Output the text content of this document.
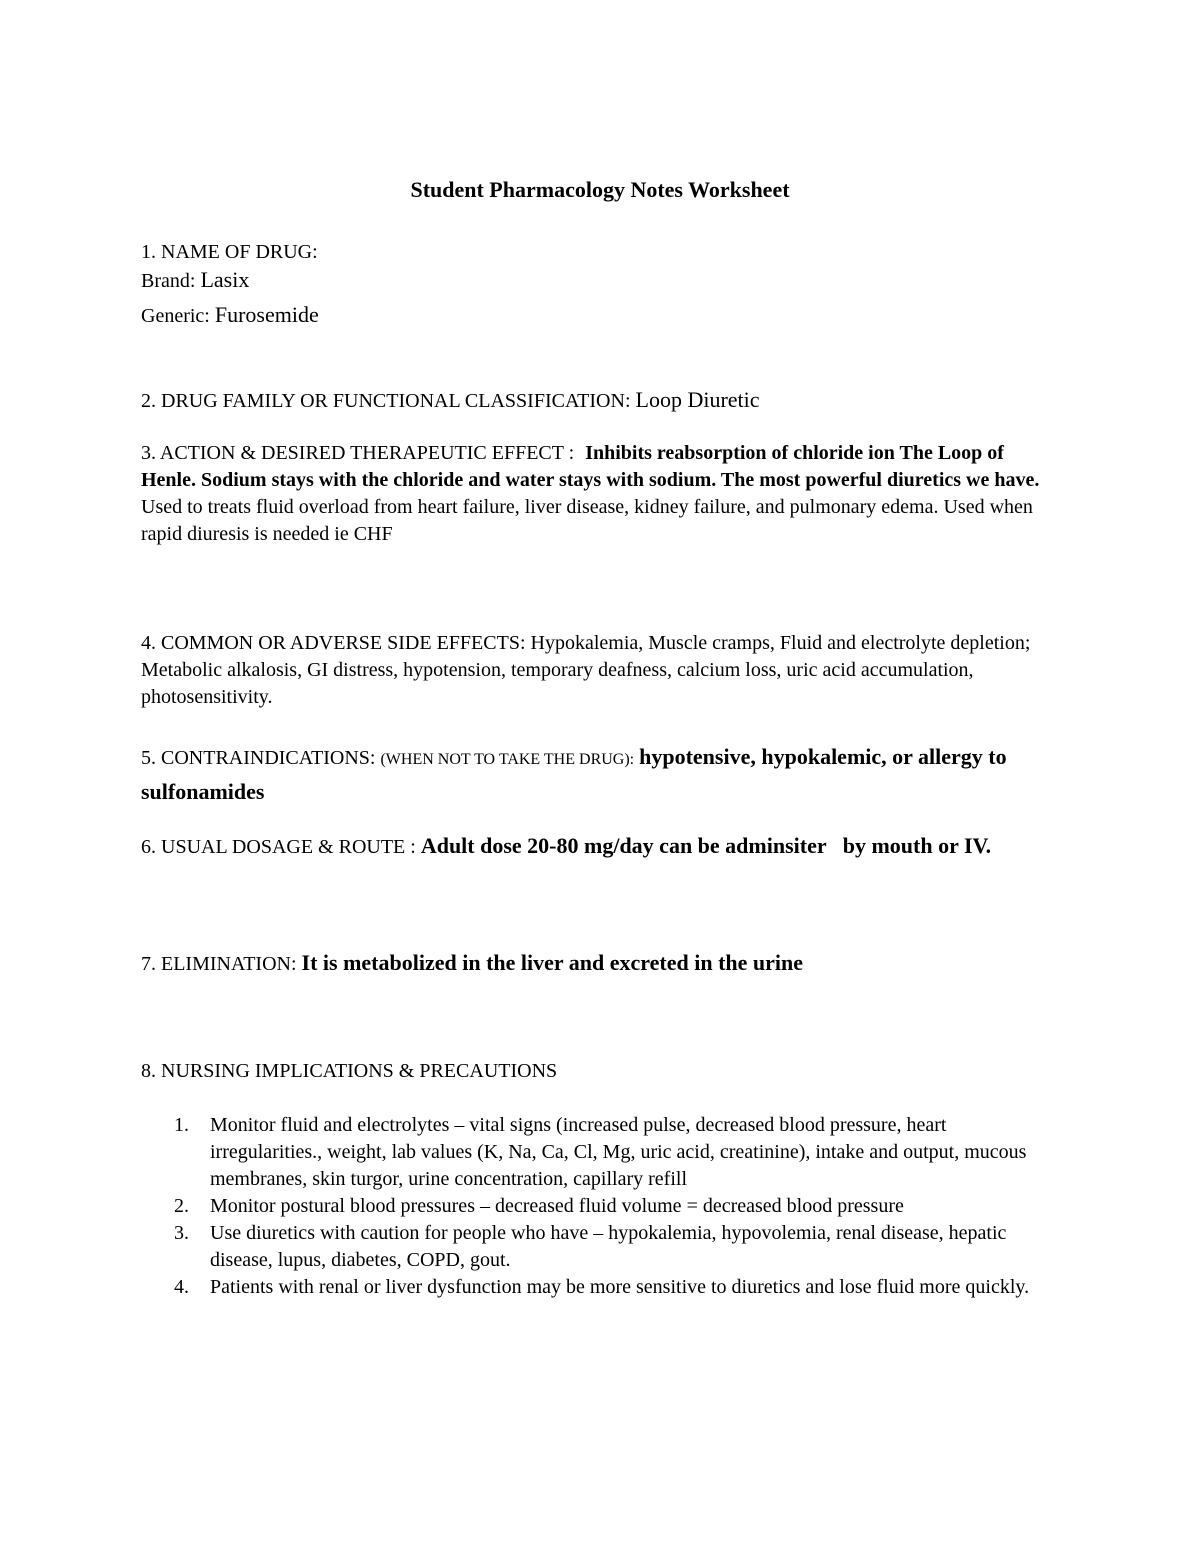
Student Pharmacology Notes Worksheet
1. NAME OF DRUG:
Brand: Lasix
Generic: Furosemide
2. DRUG FAMILY OR FUNCTIONAL CLASSIFICATION: Loop Diuretic
3. ACTION & DESIRED THERAPEUTIC EFFECT : Inhibits reabsorption of chloride ion The Loop of Henle. Sodium stays with the chloride and water stays with sodium. The most powerful diuretics we have.
Used to treats fluid overload from heart failure, liver disease, kidney failure, and pulmonary edema. Used when rapid diuresis is needed ie CHF
4. COMMON OR ADVERSE SIDE EFFECTS: Hypokalemia, Muscle cramps, Fluid and electrolyte depletion; Metabolic alkalosis, GI distress, hypotension, temporary deafness, calcium loss, uric acid accumulation, photosensitivity.
5. CONTRAINDICATIONS: (WHEN NOT TO TAKE THE DRUG): hypotensive, hypokalemic, or allergy to sulfonamides
6. USUAL DOSAGE & ROUTE : Adult dose 20-80 mg/day can be adminsiter   by mouth or IV.
7. ELIMINATION: It is metabolized in the liver and excreted in the urine
8. NURSING IMPLICATIONS & PRECAUTIONS
1. Monitor fluid and electrolytes – vital signs (increased pulse, decreased blood pressure, heart irregularities., weight, lab values (K, Na, Ca, Cl, Mg, uric acid, creatinine), intake and output, mucous membranes, skin turgor, urine concentration, capillary refill
2. Monitor postural blood pressures – decreased fluid volume = decreased blood pressure
3. Use diuretics with caution for people who have – hypokalemia, hypovolemia, renal disease, hepatic disease, lupus, diabetes, COPD, gout.
4. Patients with renal or liver dysfunction may be more sensitive to diuretics and lose fluid more quickly.
